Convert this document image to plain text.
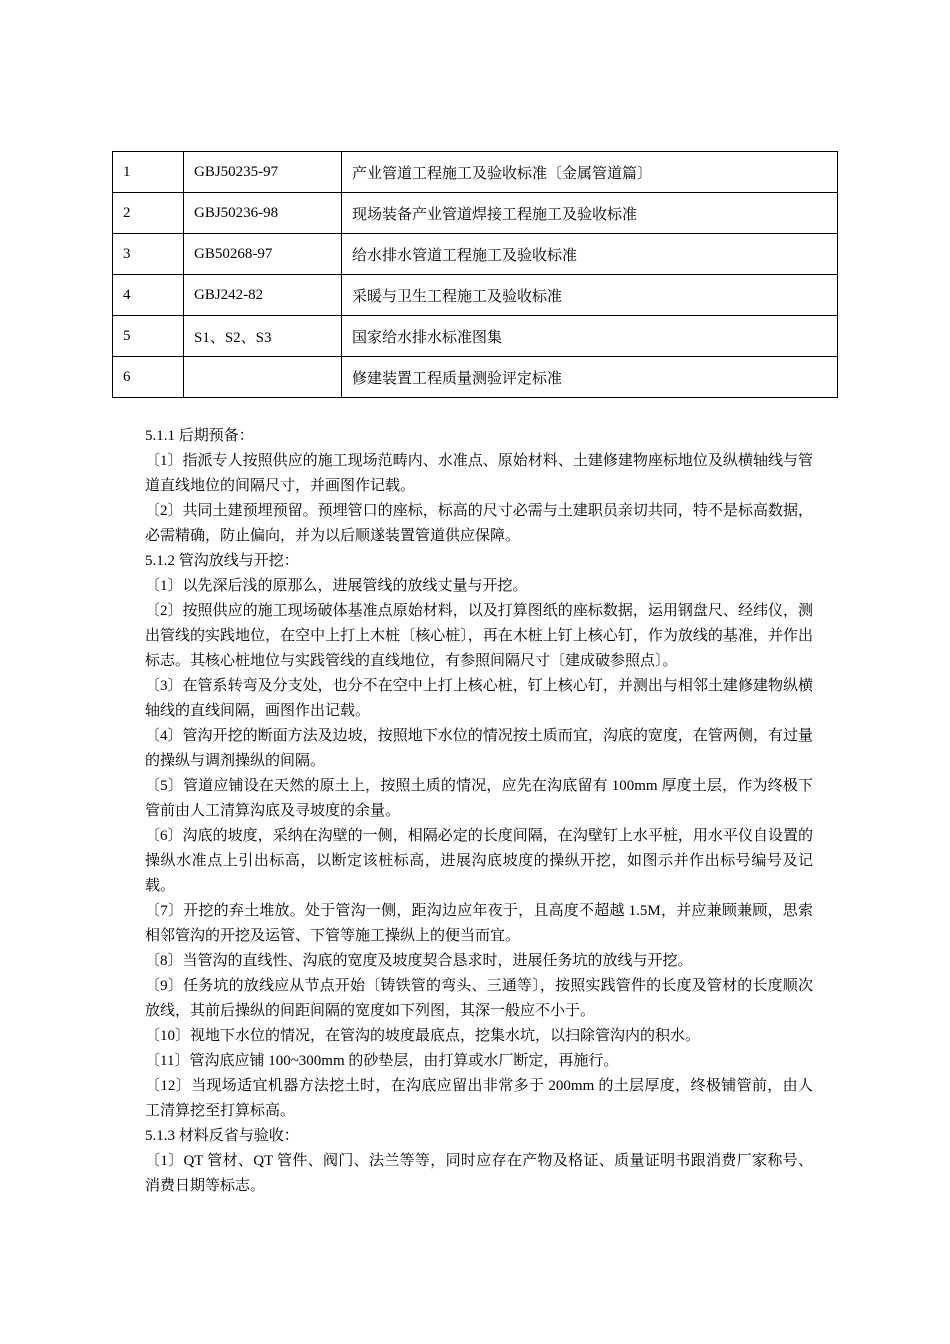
1	GBJ50235-97	产业管道工程施工及验收标准〔金属管道篇〕
2	GBJ50236-98	现场装备产业管道焊接工程施工及验收标准
3	GB50268-97	给水排水管道工程施工及验收标准
4	GBJ242-82	采暖与卫生工程施工及验收标准
5	S1、S2、S3	国家给水排水标准图集
6		修建装置工程质量测验评定标准

5.1.1 后期预备：

〔1〕指派专人按照供应的施工现场范畴内、水准点、原始材料、土建修建物座标地位及纵横轴线与管道直线地位的间隔尺寸，并画图作记载。

〔2〕共同土建预埋预留。预埋管口的座标，标高的尺寸必需与土建职员亲切共同，特不是标高数据，必需精确，防止偏向，并为以后顺遂装置管道供应保障。

5.1.2 管沟放线与开挖：

〔1〕以先深后浅的原那么，进展管线的放线丈量与开挖。

〔2〕按照供应的施工现场破体基准点原始材料，以及打算图纸的座标数据，运用钢盘尺、经纬仪，测出管线的实践地位，在空中上打上木桩〔核心桩〕，再在木桩上钉上核心钉，作为放线的基准，并作出标志。其核心桩地位与实践管线的直线地位，有参照间隔尺寸〔建成破参照点〕。

〔3〕在管系转弯及分支处，也分不在空中上打上核心桩，钉上核心钉，并测出与相邻土建修建物纵横轴线的直线间隔，画图作出记载。

〔4〕管沟开挖的断面方法及边坡，按照地下水位的情况按土质而宜，沟底的宽度，在管两侧，有过量的操纵与调剂操纵的间隔。

〔5〕管道应铺设在天然的原土上，按照土质的情况，应先在沟底留有 100mm 厚度土层，作为终极下管前由人工清算沟底及寻坡度的余量。

〔6〕沟底的坡度，采纳在沟壁的一侧，相隔必定的长度间隔，在沟壁钉上水平桩，用水平仪自设置的操纵水准点上引出标高，以断定该桩标高，进展沟底坡度的操纵开挖，如图示并作出标号编号及记载。

〔7〕开挖的弃土堆放。处于管沟一侧，距沟边应年夜于，且高度不超越 1.5M，并应兼顾兼顾，思索相邻管沟的开挖及运管、下管等施工操纵上的便当而宜。

〔8〕当管沟的直线性、沟底的宽度及坡度契合恳求时，进展任务坑的放线与开挖。

〔9〕任务坑的放线应从节点开始〔铸铁管的弯头、三通等〕，按照实践管件的长度及管材的长度顺次放线，其前后操纵的间距间隔的宽度如下列图，其深一般应不小于。

〔10〕视地下水位的情况，在管沟的坡度最底点，挖集水坑，以扫除管沟内的积水。

〔11〕管沟底应铺 100~300mm 的砂垫层，由打算或水厂断定，再施行。

〔12〕当现场适宜机器方法挖土时，在沟底应留出非常多于 200mm 的土层厚度，终极铺管前，由人工清算挖至打算标高。

5.1.3 材料反省与验收：

〔1〕QT 管材、QT 管件、阀门、法兰等等，同时应存在产物及格证、质量证明书跟消费厂家称号、消费日期等标志。
